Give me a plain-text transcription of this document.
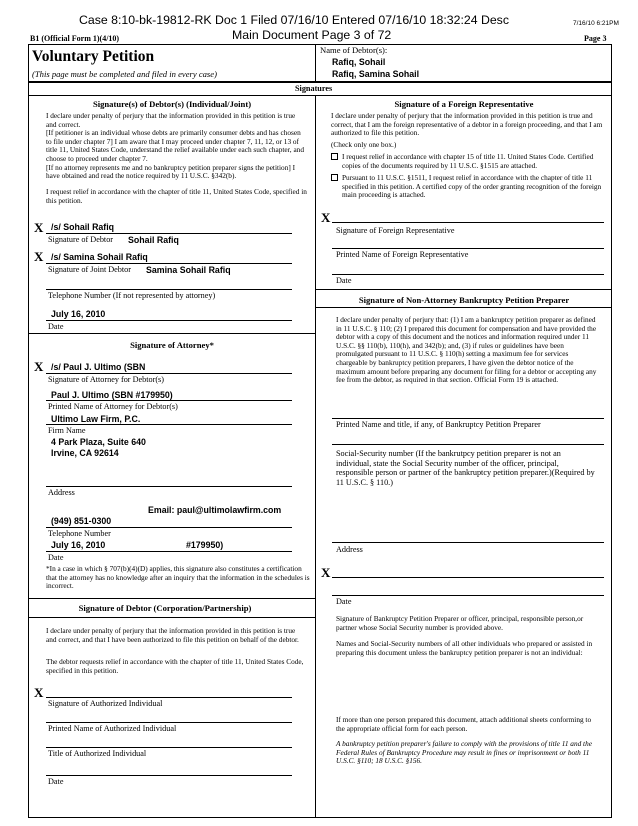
Case 8:10-bk-19812-RK Doc 1 Filed 07/16/10 Entered 07/16/10 18:32:24 Desc
Main Document Page 3 of 72
7/16/10 6:21PM
B1 (Official Form 1)(4/10)	Page 3
Voluntary Petition
(This page must be completed and filed in every case)
Name of Debtor(s):
Rafiq, Sohail
Rafiq, Samina Sohail
Signatures
Signature(s) of Debtor(s) (Individual/Joint)
I declare under penalty of perjury that the information provided in this petition is true and correct.
[If petitioner is an individual whose debts are primarily consumer debts and has chosen to file under chapter 7] I am aware that I may proceed under chapter 7, 11, 12, or 13 of title 11, United States Code, understand the relief available under each such chapter, and choose to proceed under chapter 7.
[If no attorney represents me and no bankruptcy petition preparer signs the petition] I have obtained and read the notice required by 11 U.S.C. §342(b).
I request relief in accordance with the chapter of title 11, United States Code, specified in this petition.
X /s/ Sohail Rafiq
Signature of Debtor Sohail Rafiq
X /s/ Samina Sohail Rafiq
Signature of Joint Debtor Samina Sohail Rafiq
Telephone Number (If not represented by attorney)
July 16, 2010
Date
Signature of Attorney*
X /s/ Paul J. Ultimo (SBN
Signature of Attorney for Debtor(s)
Paul J. Ultimo (SBN #179950)
Printed Name of Attorney for Debtor(s)
Ultimo Law Firm, P.C.
Firm Name
4 Park Plaza, Suite 640
Irvine, CA 92614
Address
Email: paul@ultimolawfirm.com
(949) 851-0300
Telephone Number
July 16, 2010	#179950)
Date
*In a case in which § 707(b)(4)(D) applies, this signature also constitutes a certification that the attorney has no knowledge after an inquiry that the information in the schedules is incorrect.
Signature of Debtor (Corporation/Partnership)
I declare under penalty of perjury that the information provided in this petition is true and correct, and that I have been authorized to file this petition on behalf of the debtor.
The debtor requests relief in accordance with the chapter of title 11, United States Code, specified in this petition.
X
Signature of Authorized Individual
Printed Name of Authorized Individual
Title of Authorized Individual
Date
Signature of a Foreign Representative
I declare under penalty of perjury that the information provided in this petition is true and correct, that I am the foreign representative of a debtor in a foreign proceeding, and that I am authorized to file this petition.
(Check only one box.)
I request relief in accordance with chapter 15 of title 11. United States Code. Certified copies of the documents required by 11 U.S.C. §1515 are attached.
Pursuant to 11 U.S.C. §1511, I request relief in accordance with the chapter of title 11 specified in this petition. A certified copy of the order granting recognition of the foreign main proceeding is attached.
X
Signature of Foreign Representative
Printed Name of Foreign Representative
Date
Signature of Non-Attorney Bankruptcy Petition Preparer
I declare under penalty of perjury that: (1) I am a bankruptcy petition preparer as defined in 11 U.S.C. § 110; (2) I prepared this document for compensation and have provided the debtor with a copy of this document and the notices and information required under 11 U.S.C. §§ 110(b), 110(h), and 342(b); and, (3) if rules or guidelines have been promulgated pursuant to 11 U.S.C. § 110(h) setting a maximum fee for services chargeable by bankruptcy petition preparers, I have given the debtor notice of the maximum amount before preparing any document for filing for a debtor or accepting any fee from the debtor, as required in that section. Official Form 19 is attached.
Printed Name and title, if any, of Bankruptcy Petition Preparer
Social-Security number (If the bankrutpcy petition preparer is not an individual, state the Social Security number of the officer, principal, responsible person or partner of the bankruptcy petition preparer.)(Required by 11 U.S.C. § 110.)
Address
X
Date
Signature of Bankruptcy Petition Preparer or officer, principal, responsible person,or partner whose Social Security number is provided above.
Names and Social-Security numbers of all other individuals who prepared or assisted in preparing this document unless the bankruptcy petition preparer is not an individual:
If more than one person prepared this document, attach additional sheets conforming to the appropriate official form for each person.
A bankruptcy petition preparer's failure to comply with the provisions of title 11 and the Federal Rules of Bankruptcy Procedure may result in fines or imprisonment or both 11 U.S.C. §110; 18 U.S.C. §156.
